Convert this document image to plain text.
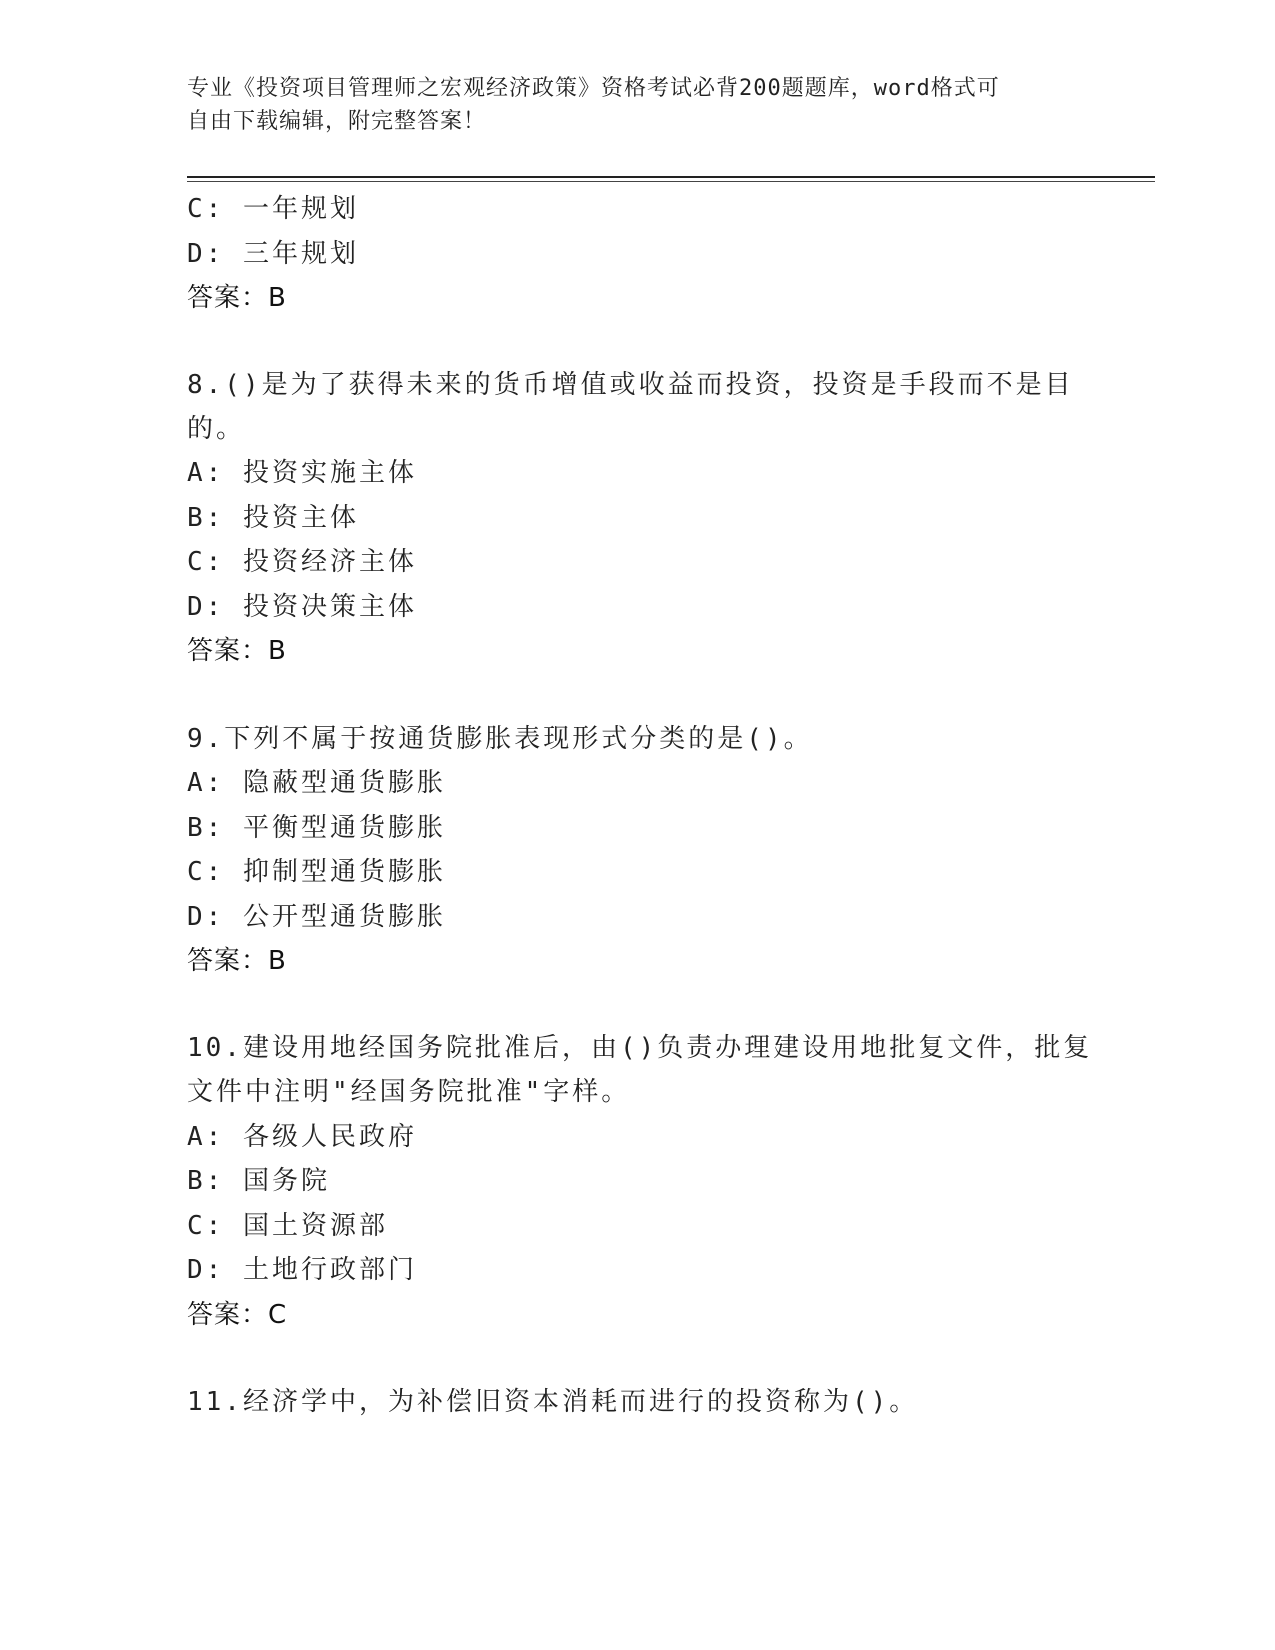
专业《投资项目管理师之宏观经济政策》资格考试必背200题题库，word格式可
自由下载编辑，附完整答案！
C: 一年规划
D: 三年规划
答案：B
8.()是为了获得未来的货币增值或收益而投资，投资是手段而不是目
的。
A: 投资实施主体
B: 投资主体
C: 投资经济主体
D: 投资决策主体
答案：B
9.下列不属于按通货膨胀表现形式分类的是()。
A: 隐蔽型通货膨胀
B: 平衡型通货膨胀
C: 抑制型通货膨胀
D: 公开型通货膨胀
答案：B
10.建设用地经国务院批准后，由()负责办理建设用地批复文件，批复
文件中注明"经国务院批准"字样。
A: 各级人民政府
B: 国务院
C: 国土资源部
D: 土地行政部门
答案：C
11.经济学中，为补偿旧资本消耗而进行的投资称为()。
